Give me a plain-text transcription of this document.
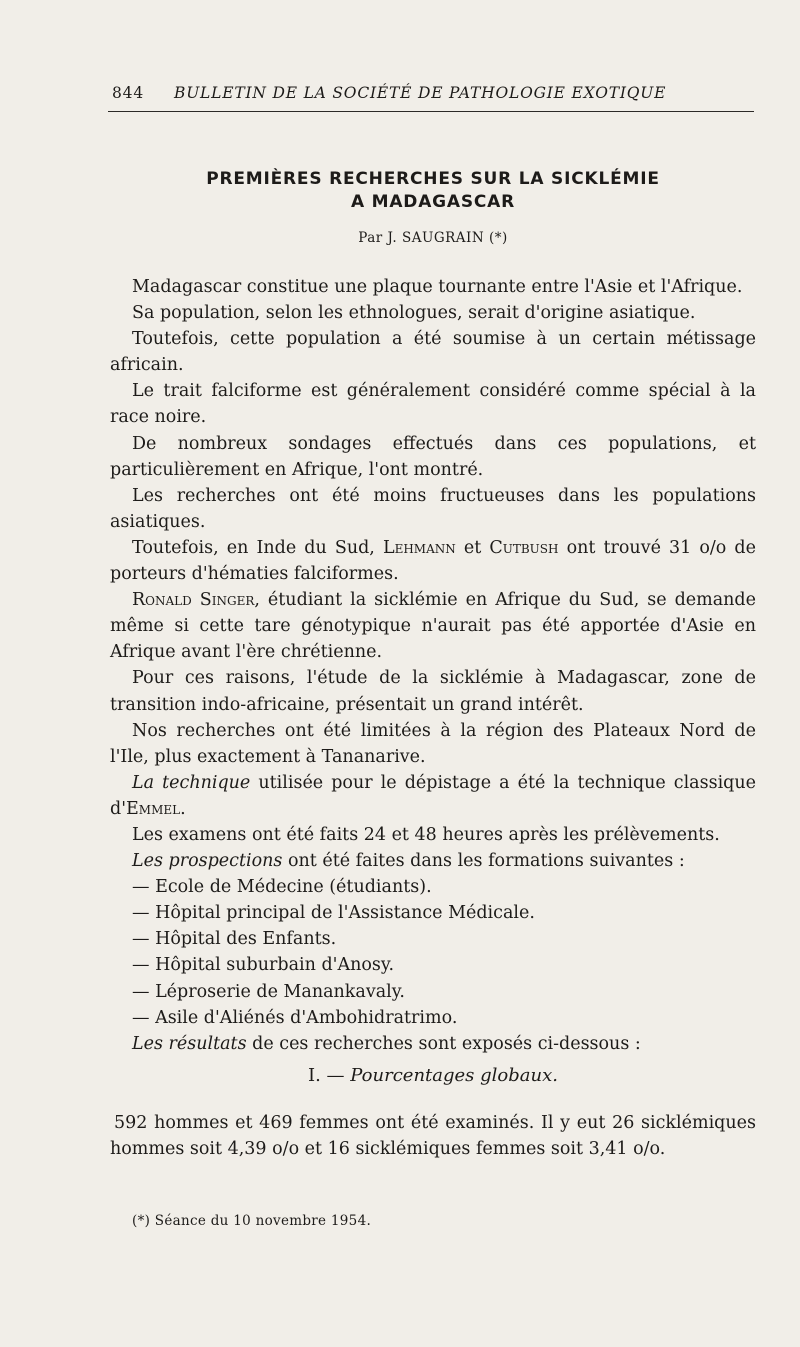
844 BULLETIN DE LA SOCIÉTÉ DE PATHOLOGIE EXOTIQUE
PREMIÈRES RECHERCHES SUR LA SICKLÉMIE
A MADAGASCAR
Par J. SAUGRAIN (*)

Madagascar constitue une plaque tournante entre l'Asie et l'Afrique.

Sa population, selon les ethnologues, serait d'origine asiatique.

Toutefois, cette population a été soumise à un certain métissage africain.

Le trait falciforme est généralement considéré comme spécial à la race noire.

De nombreux sondages effectués dans ces populations, et particulièrement en Afrique, l'ont montré.

Les recherches ont été moins fructueuses dans les populations asiatiques.

Toutefois, en Inde du Sud, Lehmann et Cutbush ont trouvé 31 o/o de porteurs d'hématies falciformes.

Ronald Singer, étudiant la sicklémie en Afrique du Sud, se demande même si cette tare génotypique n'aurait pas été apportée d'Asie en Afrique avant l'ère chrétienne.

Pour ces raisons, l'étude de la sicklémie à Madagascar, zone de transition indo-africaine, présentait un grand intérêt.

Nos recherches ont été limitées à la région des Plateaux Nord de l'Ile, plus exactement à Tananarive.

La technique utilisée pour le dépistage a été la technique classique d'Emmel.

Les examens ont été faits 24 et 48 heures après les prélèvements.

Les prospections ont été faites dans les formations suivantes :

— Ecole de Médecine (étudiants).

— Hôpital principal de l'Assistance Médicale.

— Hôpital des Enfants.

— Hôpital suburbain d'Anosy.

— Léproserie de Manankavaly.

— Asile d'Aliénés d'Ambohidratrimo.

Les résultats de ces recherches sont exposés ci-dessous :

I. — Pourcentages globaux.
592 hommes et 469 femmes ont été examinés. Il y eut 26 sicklémiques hommes soit 4,39 o/o et 16 sicklémiques femmes soit 3,41 o/o.
(*) Séance du 10 novembre 1954.
